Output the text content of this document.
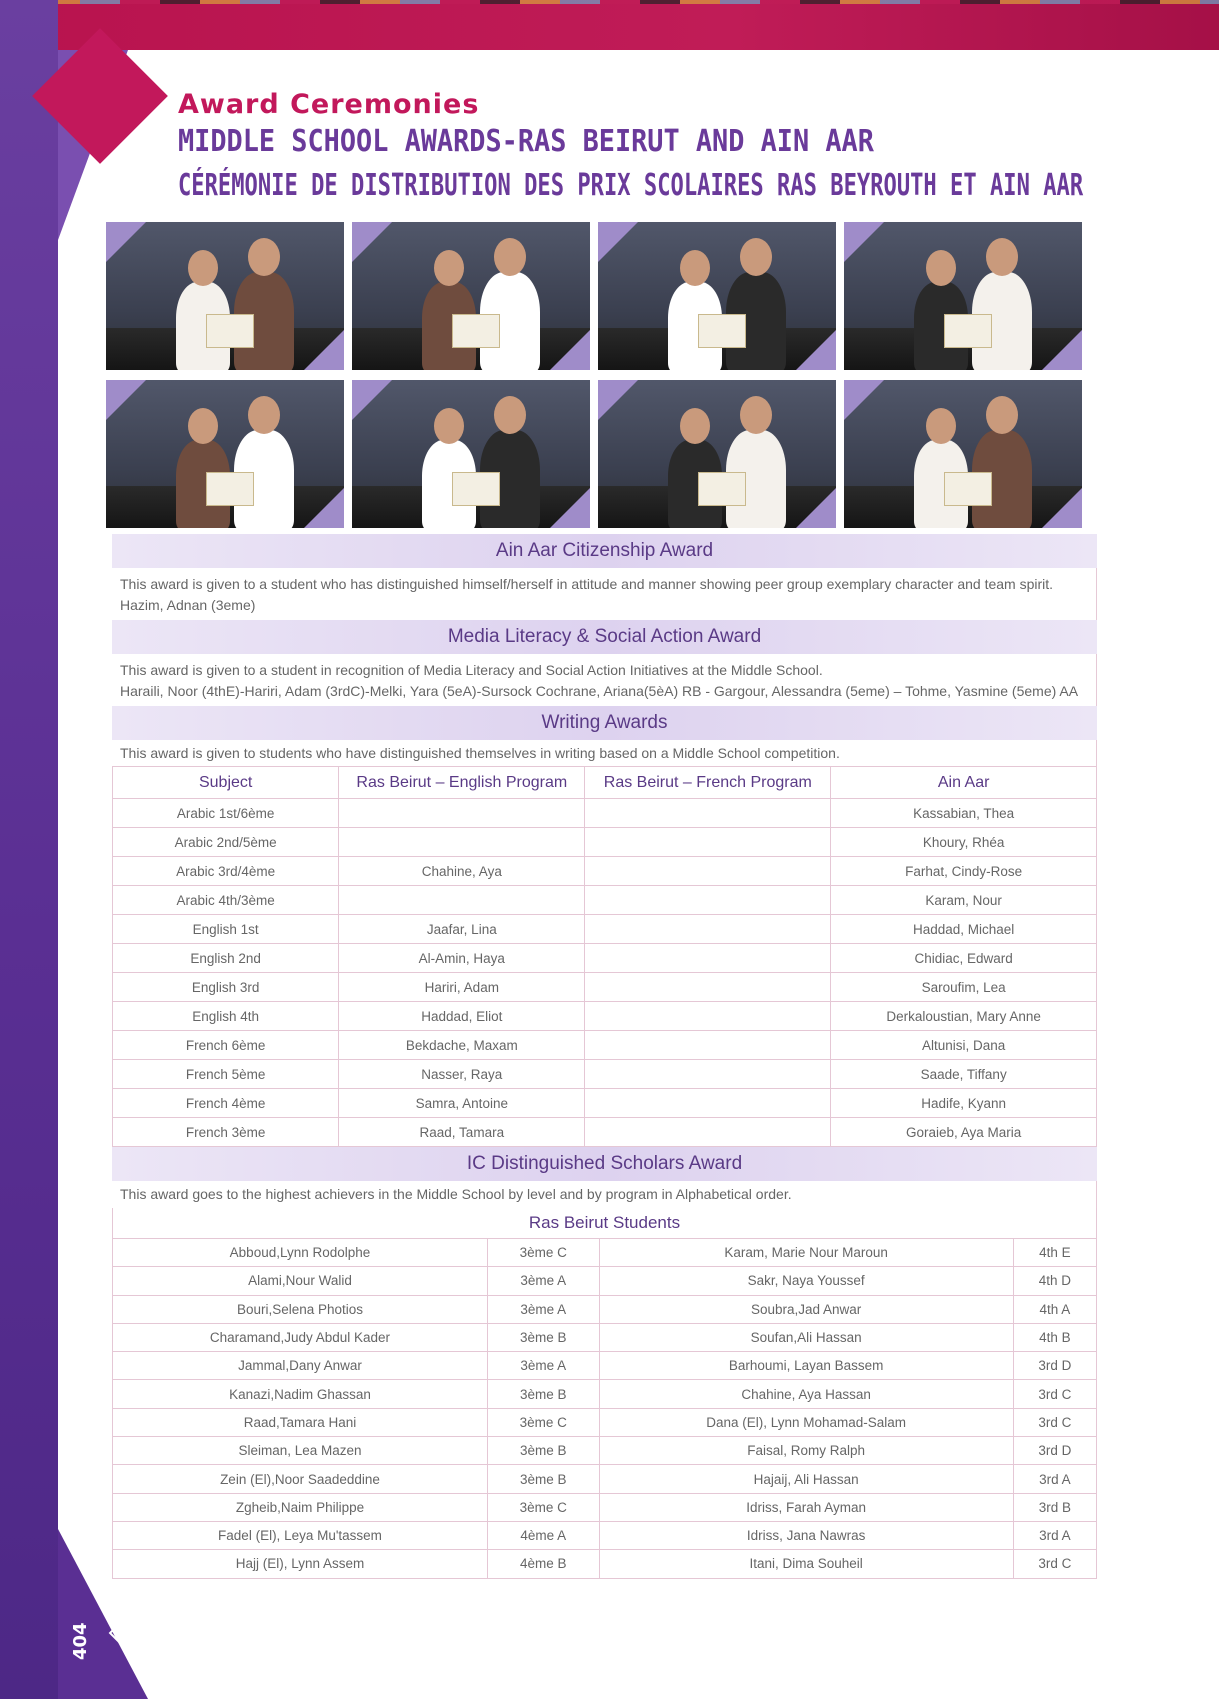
404
Award Ceremonies
MIDDLE SCHOOL AWARDS-RAS BEIRUT AND AIN AAR
CÉRÉMONIE DE DISTRIBUTION DES PRIX SCOLAIRES RAS BEYROUTH ET AIN AAR
Ain Aar Citizenship Award
This award is given to a student who has distinguished himself/herself in attitude and manner showing peer group exemplary character and team spirit.
Hazim, Adnan (3eme)
Media Literacy & Social Action Award
This award is given to a student in recognition of Media Literacy and Social Action Initiatives at the Middle School.
Haraili, Noor (4thE)-Hariri, Adam (3rdC)-Melki, Yara (5eA)-Sursock Cochrane, Ariana(5èA) RB - Gargour, Alessandra (5eme) – Tohme, Yasmine (5eme) AA
Writing Awards
This award is given to students who have distinguished themselves in writing based on a Middle School competition.
Subject	Ras Beirut – English Program	Ras Beirut – French Program	Ain Aar
Arabic 1st/6ème			Kassabian, Thea
Arabic 2nd/5ème			Khoury, Rhéa
Arabic 3rd/4ème	Chahine, Aya		Farhat, Cindy-Rose
Arabic 4th/3ème			Karam, Nour
English 1st	Jaafar, Lina		Haddad, Michael
English 2nd	Al-Amin, Haya		Chidiac, Edward
English 3rd	Hariri, Adam		Saroufim, Lea
English 4th	Haddad, Eliot		Derkaloustian, Mary Anne
French 6ème	Bekdache, Maxam		Altunisi, Dana
French 5ème	Nasser, Raya		Saade, Tiffany
French 4ème	Samra, Antoine		Hadife, Kyann
French 3ème	Raad, Tamara		Goraieb, Aya Maria
IC Distinguished Scholars Award
This award goes to the highest achievers in the Middle School by level and by program in Alphabetical order.
Ras Beirut Students
Abboud,Lynn Rodolphe	3ème C	Karam, Marie Nour Maroun	4th E
Alami,Nour Walid	3ème A	Sakr, Naya Youssef	4th D
Bouri,Selena Photios	3ème A	Soubra,Jad Anwar	4th A
Charamand,Judy Abdul Kader	3ème B	Soufan,Ali Hassan	4th B
Jammal,Dany Anwar	3ème A	Barhoumi, Layan Bassem	3rd D
Kanazi,Nadim Ghassan	3ème B	Chahine, Aya Hassan	3rd C
Raad,Tamara Hani	3ème C	Dana (El), Lynn Mohamad-Salam	3rd C
Sleiman, Lea Mazen	3ème B	Faisal, Romy Ralph	3rd D
Zein (El),Noor Saadeddine	3ème B	Hajaij, Ali Hassan	3rd A
Zgheib,Naim Philippe	3ème C	Idriss, Farah Ayman	3rd B
Fadel (El), Leya Mu'tassem	4ème A	Idriss, Jana Nawras	3rd A
Hajj (El), Lynn Assem	4ème B	Itani, Dima Souheil	3rd C
